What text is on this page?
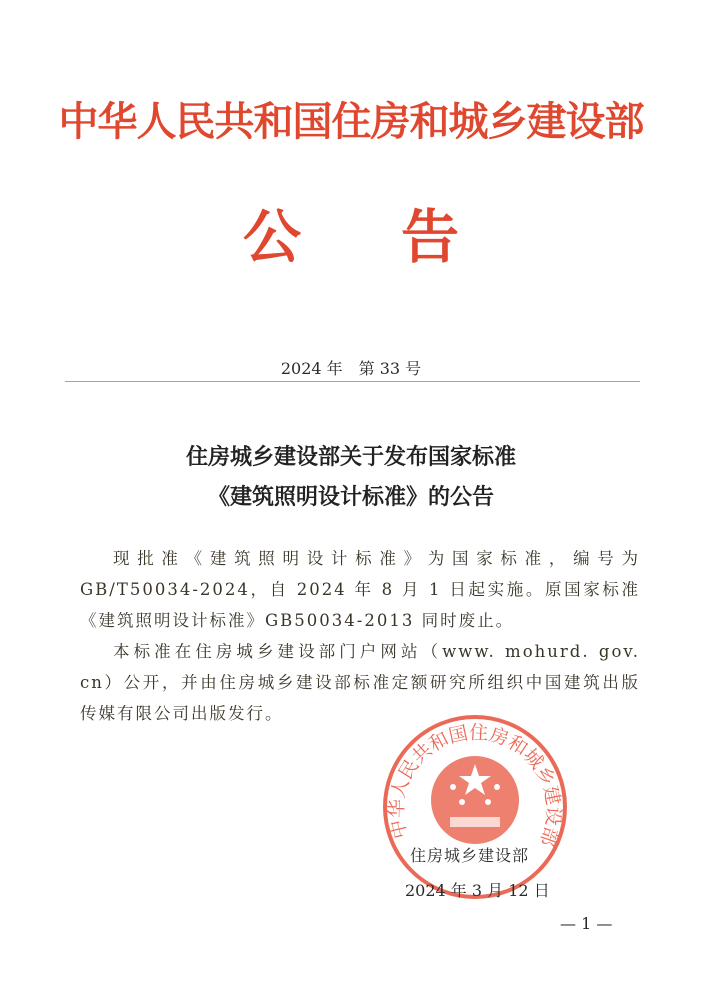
中华人民共和国住房和城乡建设部
公告
2024 年　第 33 号
住房城乡建设部关于发布国家标准
《建筑照明设计标准》的公告

现批准《建筑照明设计标准》为国家标准，编号为 GB/T50034-2024，自 2024 年 8 月 1 日起实施。原国家标准《建筑照明设计标准》GB50034-2013 同时废止。

本标准在住房城乡建设部门户网站（www. mohurd. gov. cn）公开，并由住房城乡建设部标准定额研究所组织中国建筑出版传媒有限公司出版发行。

中华人民共和国住房和城乡建设部
住房城乡建设部
2024 年 3 月 12 日
— 1 —
